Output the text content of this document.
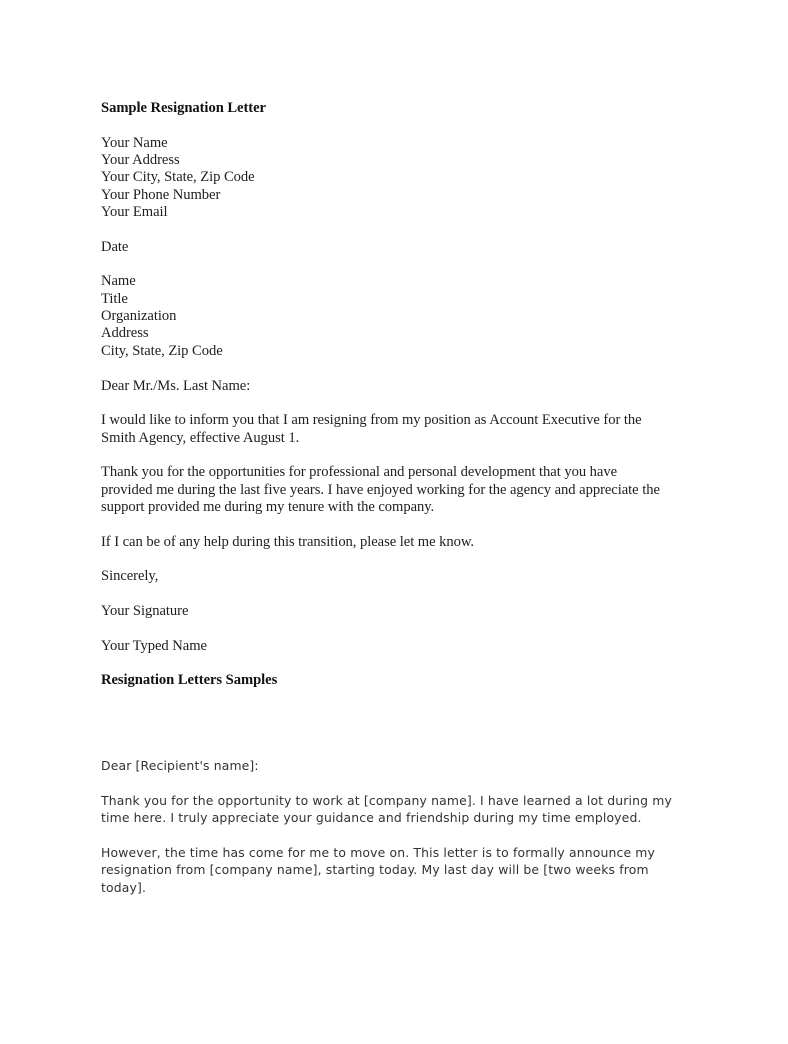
Sample Resignation Letter
Your Name
Your Address
Your City, State, Zip Code
Your Phone Number
Your Email
Date
Name
Title
Organization
Address
City, State, Zip Code
Dear Mr./Ms. Last Name:
I would like to inform you that I am resigning from my position as Account Executive for the
Smith Agency, effective August 1.
Thank you for the opportunities for professional and personal development that you have
provided me during the last five years. I have enjoyed working for the agency and appreciate the
support provided me during my tenure with the company.
If I can be of any help during this transition, please let me know.
Sincerely,
Your Signature
Your Typed Name
Resignation Letters Samples
Dear [Recipient's name]:
Thank you for the opportunity to work at [company name]. I have learned a lot during my
time here. I truly appreciate your guidance and friendship during my time employed.
However, the time has come for me to move on. This letter is to formally announce my
resignation from [company name], starting today. My last day will be [two weeks from
today].
